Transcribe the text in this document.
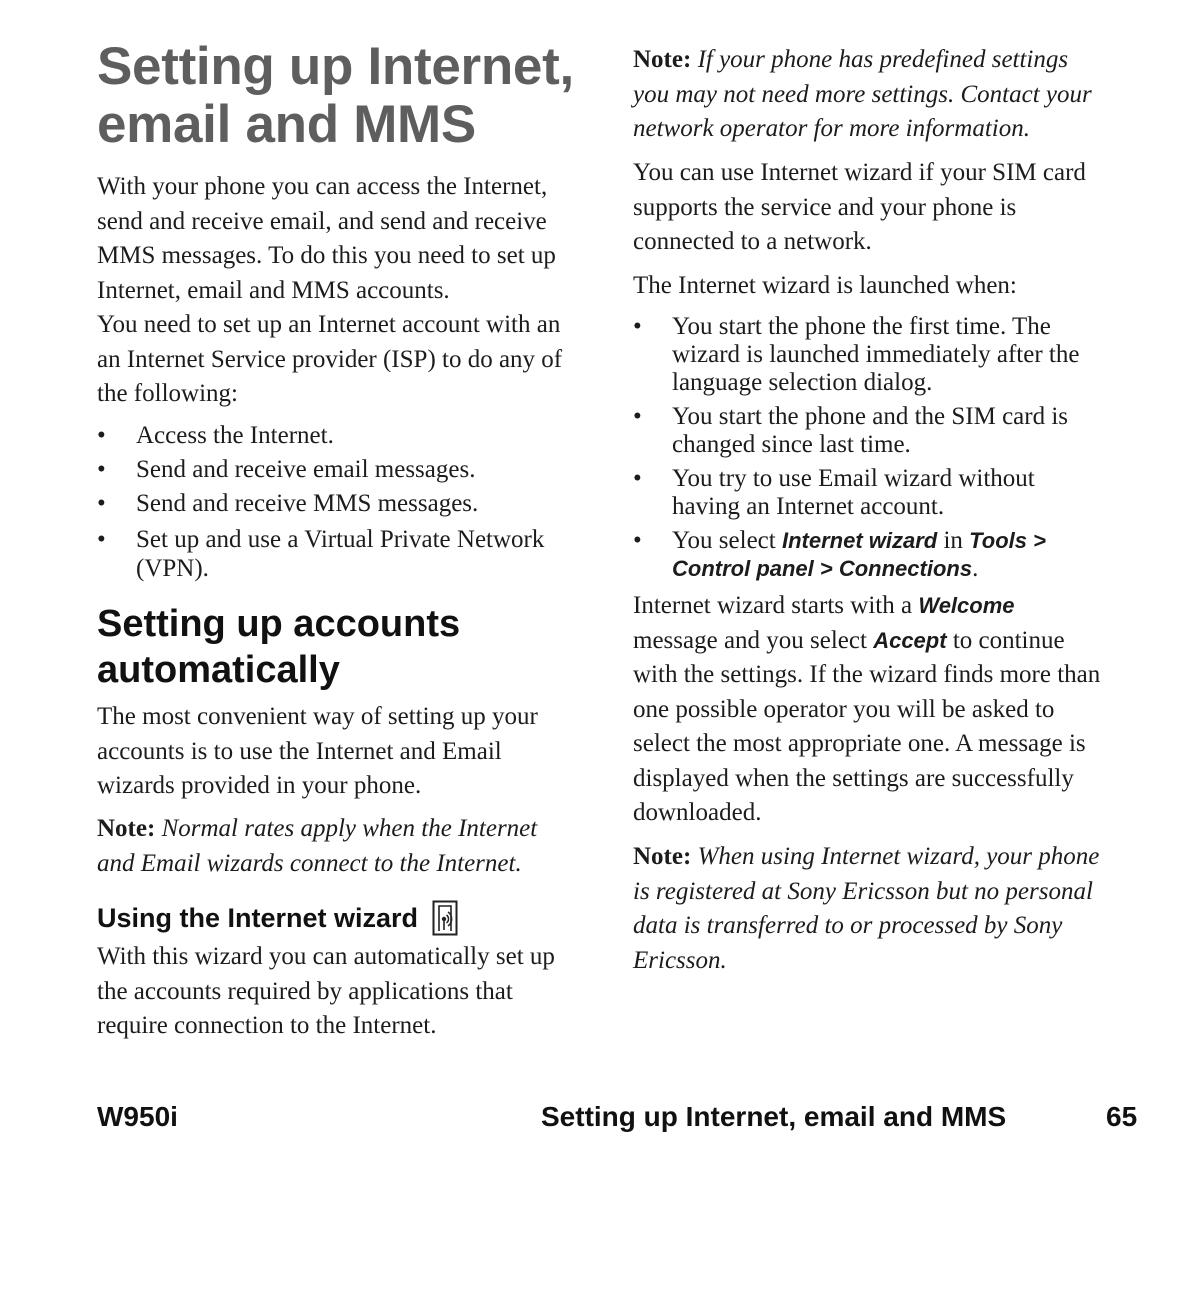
Setting up Internet,
email and MMS

With your phone you can access the Internet,
send and receive email, and send and receive
MMS messages. To do this you need to set up
Internet, email and MMS accounts.

You need to set up an Internet account with an
an Internet Service provider (ISP) to do any of
the following:

• Access the Internet.
• Send and receive email messages.
• Send and receive MMS messages.
• Set up and use a Virtual Private Network
(VPN).
Setting up accounts
automatically

The most convenient way of setting up your
accounts is to use the Internet and Email
wizards provided in your phone.

Note: Normal rates apply when the Internet
and Email wizards connect to the Internet.

Using the Internet wizard

With this wizard you can automatically set up
the accounts required by applications that
require connection to the Internet.

Note: If your phone has predefined settings
you may not need more settings. Contact your
network operator for more information.

You can use Internet wizard if your SIM card
supports the service and your phone is
connected to a network.

The Internet wizard is launched when:

• You start the phone the first time. The
wizard is launched immediately after the
language selection dialog.
• You start the phone and the SIM card is
changed since last time.
• You try to use Email wizard without
having an Internet account.
• You select Internet wizard in Tools >
Control panel > Connections.

Internet wizard starts with a Welcome
message and you select Accept to continue
with the settings. If the wizard finds more than
one possible operator you will be asked to
select the most appropriate one. A message is
displayed when the settings are successfully
downloaded.

Note: When using Internet wizard, your phone
is registered at Sony Ericsson but no personal
data is transferred to or processed by Sony
Ericsson.

W950i	Setting up Internet, email and MMS	65
